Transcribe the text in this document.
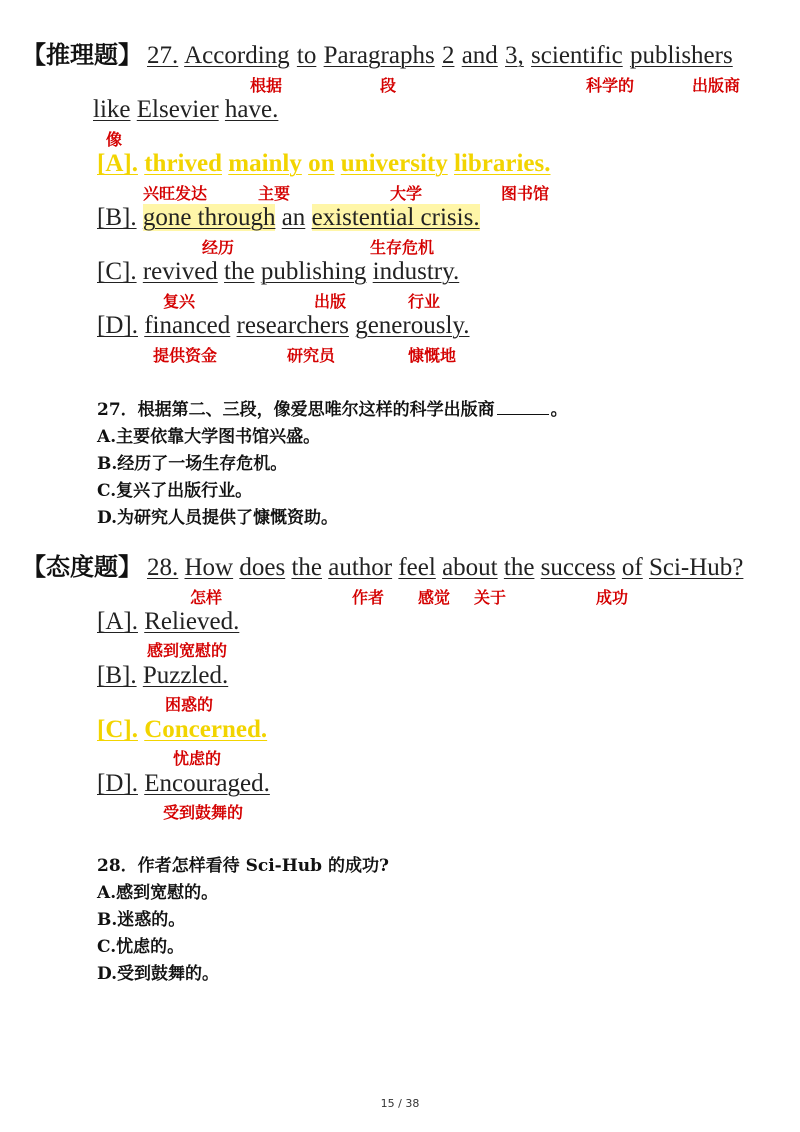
【推理题】 27. According to Paragraphs 2 and 3, scientific publishers
根据	段	科学的	出版商
like Elsevier have.
像
[A]. thrived mainly on university libraries.
兴旺发达	主要	大学	图书馆
[B]. gone through an existential crisis.
经历	生存危机
[C]. revived the publishing industry.
复兴	出版	行业
[D]. financed researchers generously.
提供资金	研究员	慷慨地
27．根据第二、三段，像爱思唯尔这样的科学出版商	。
A.主要依靠大学图书馆兴盛。
B.经历了一场生存危机。
C.复兴了出版行业。
D.为研究人员提供了慷慨资助。
【态度题】 28. How does the author feel about the success of Sci-Hub?
怎样	作者 感觉 关于	成功
[A]. Relieved.
感到宽慰的
[B]. Puzzled.
困惑的
[C]. Concerned.
忧虑的
[D]. Encouraged.
受到鼓舞的
28．作者怎样看待 Sci-Hub 的成功?
A.感到宽慰的。
B.迷惑的。
C.忧虑的。
D.受到鼓舞的。
15 / 38
